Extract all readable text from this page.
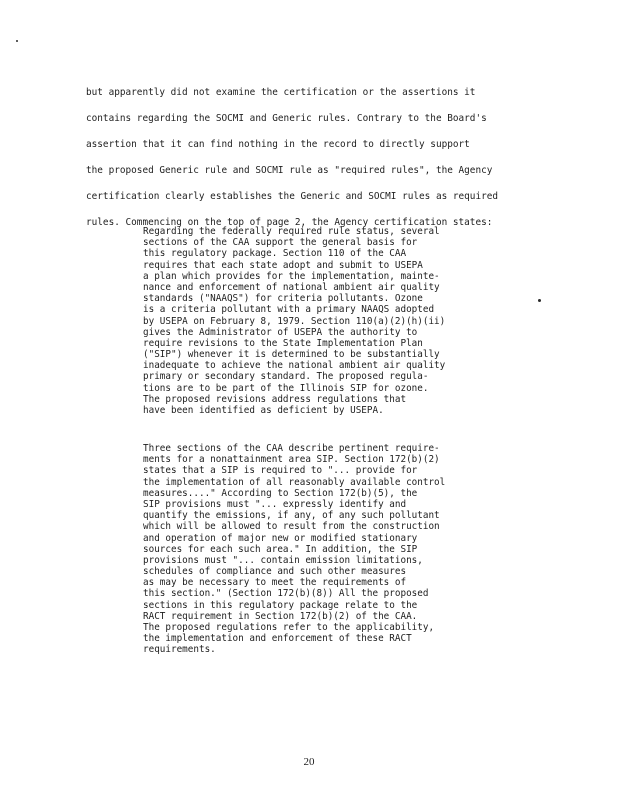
but apparently did not examine the certification or the assertions it
contains regarding the SOCMI and Generic rules. Contrary to the Board's
assertion that it can find nothing in the record to directly support
the proposed Generic rule and SOCMI rule as "required rules", the Agency
certification clearly establishes the Generic and SOCMI rules as required
rules. Commencing on the top of page 2, the Agency certification states:
Regarding the federally required rule status, several
sections of the CAA support the general basis for
this regulatory package. Section 110 of the CAA
requires that each state adopt and submit to USEPA
a plan which provides for the implementation, mainte-
nance and enforcement of national ambient air quality
standards ("NAAQS") for criteria pollutants. Ozone
is a criteria pollutant with a primary NAAQS adopted
by USEPA on February 8, 1979. Section 110(a)(2)(h)(ii)
gives the Administrator of USEPA the authority to
require revisions to the State Implementation Plan
("SIP") whenever it is determined to be substantially
inadequate to achieve the national ambient air quality
primary or secondary standard. The proposed regula-
tions are to be part of the Illinois SIP for ozone.
The proposed revisions address regulations that
have been identified as deficient by USEPA.
Three sections of the CAA describe pertinent require-
ments for a nonattainment area SIP. Section 172(b)(2)
states that a SIP is required to "... provide for
the implementation of all reasonably available control
measures...." According to Section 172(b)(5), the
SIP provisions must "... expressly identify and
quantify the emissions, if any, of any such pollutant
which will be allowed to result from the construction
and operation of major new or modified stationary
sources for each such area." In addition, the SIP
provisions must "... contain emission limitations,
schedules of compliance and such other measures
as may be necessary to meet the requirements of
this section." (Section 172(b)(8)) All the proposed
sections in this regulatory package relate to the
RACT requirement in Section 172(b)(2) of the CAA.
The proposed regulations refer to the applicability,
the implementation and enforcement of these RACT
requirements.
20
